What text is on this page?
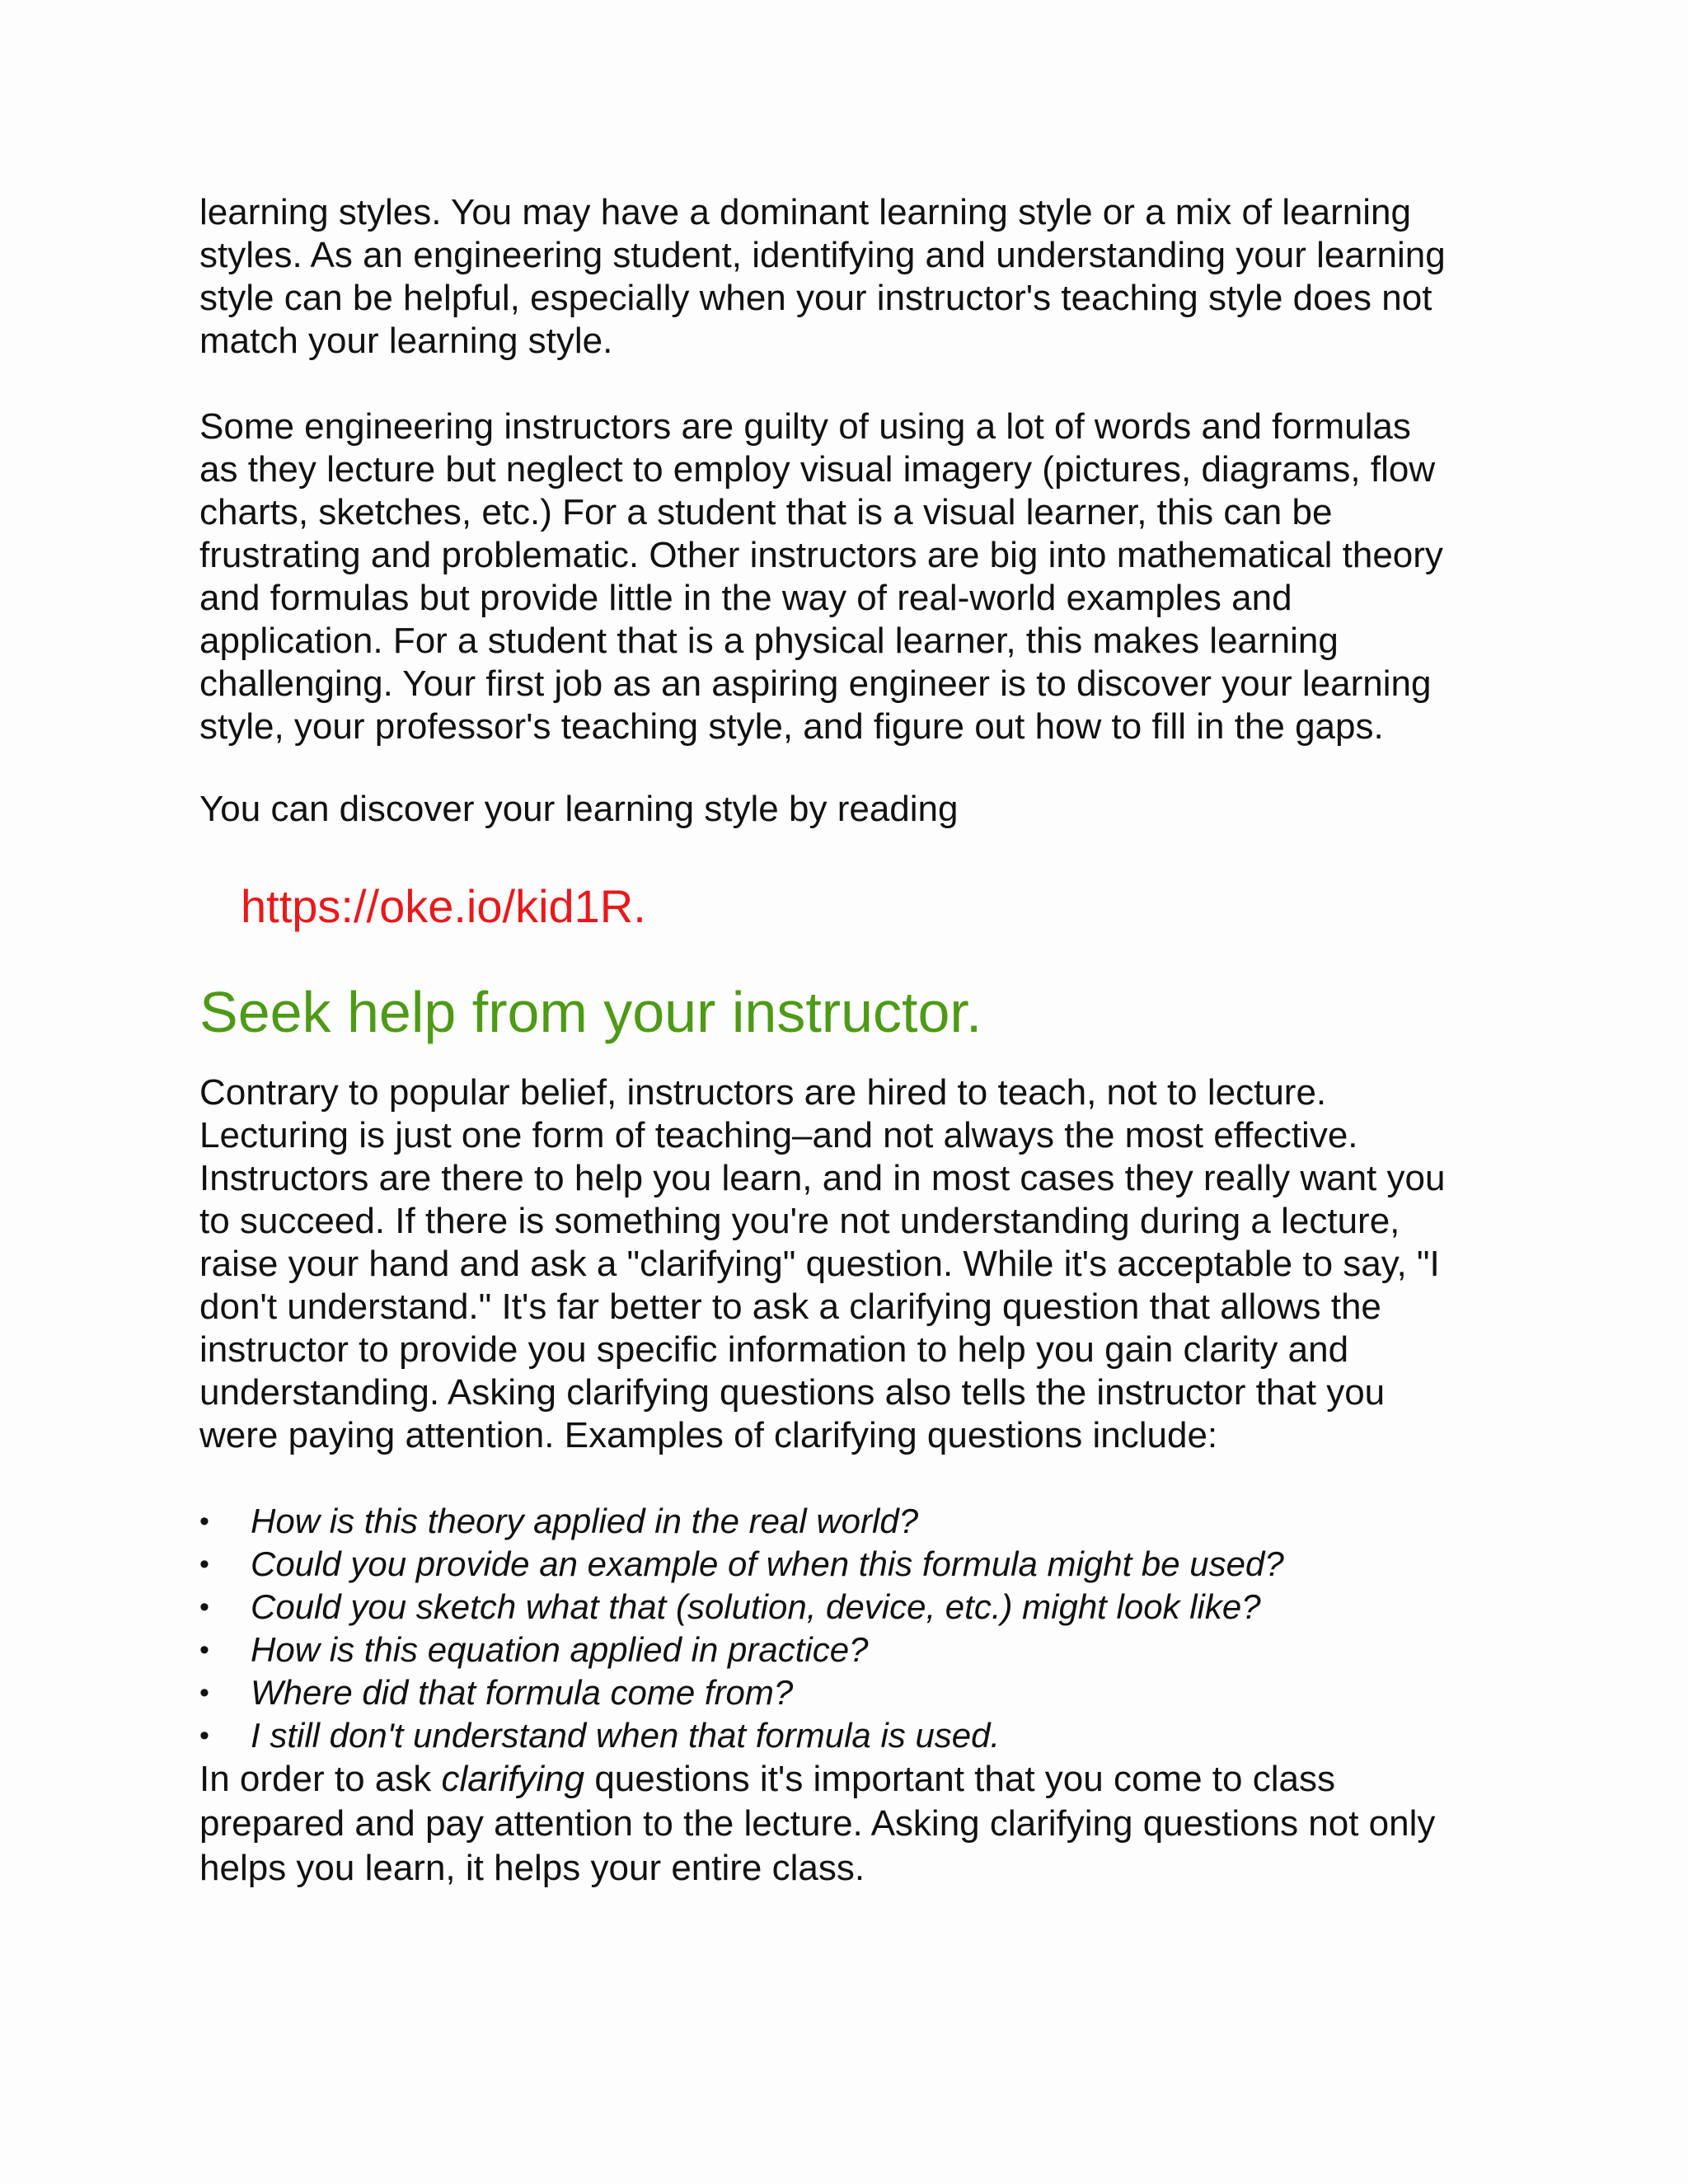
learning styles. You may have a dominant learning style or a mix of learning
styles. As an engineering student, identifying and understanding your learning
style can be helpful, especially when your instructor's teaching style does not
match your learning style.

Some engineering instructors are guilty of using a lot of words and formulas
as they lecture but neglect to employ visual imagery (pictures, diagrams, flow
charts, sketches, etc.) For a student that is a visual learner, this can be
frustrating and problematic. Other instructors are big into mathematical theory
and formulas but provide little in the way of real-world examples and
application. For a student that is a physical learner, this makes learning
challenging. Your first job as an aspiring engineer is to discover your learning
style, your professor's teaching style, and figure out how to fill in the gaps.

You can discover your learning style by reading

https://oke.io/kid1R.
Seek help from your instructor.

Contrary to popular belief, instructors are hired to teach, not to lecture.
Lecturing is just one form of teaching–and not always the most effective.
Instructors are there to help you learn, and in most cases they really want you
to succeed. If there is something you're not understanding during a lecture,
raise your hand and ask a "clarifying" question. While it's acceptable to say, "I
don't understand." It's far better to ask a clarifying question that allows the
instructor to provide you specific information to help you gain clarity and
understanding. Asking clarifying questions also tells the instructor that you
were paying attention. Examples of clarifying questions include:

• How is this theory applied in the real world?
• Could you provide an example of when this formula might be used?
• Could you sketch what that (solution, device, etc.) might look like?
• How is this equation applied in practice?
• Where did that formula come from?
• I still don't understand when that formula is used.

In order to ask clarifying questions it's important that you come to class
prepared and pay attention to the lecture. Asking clarifying questions not only
helps you learn, it helps your entire class.
